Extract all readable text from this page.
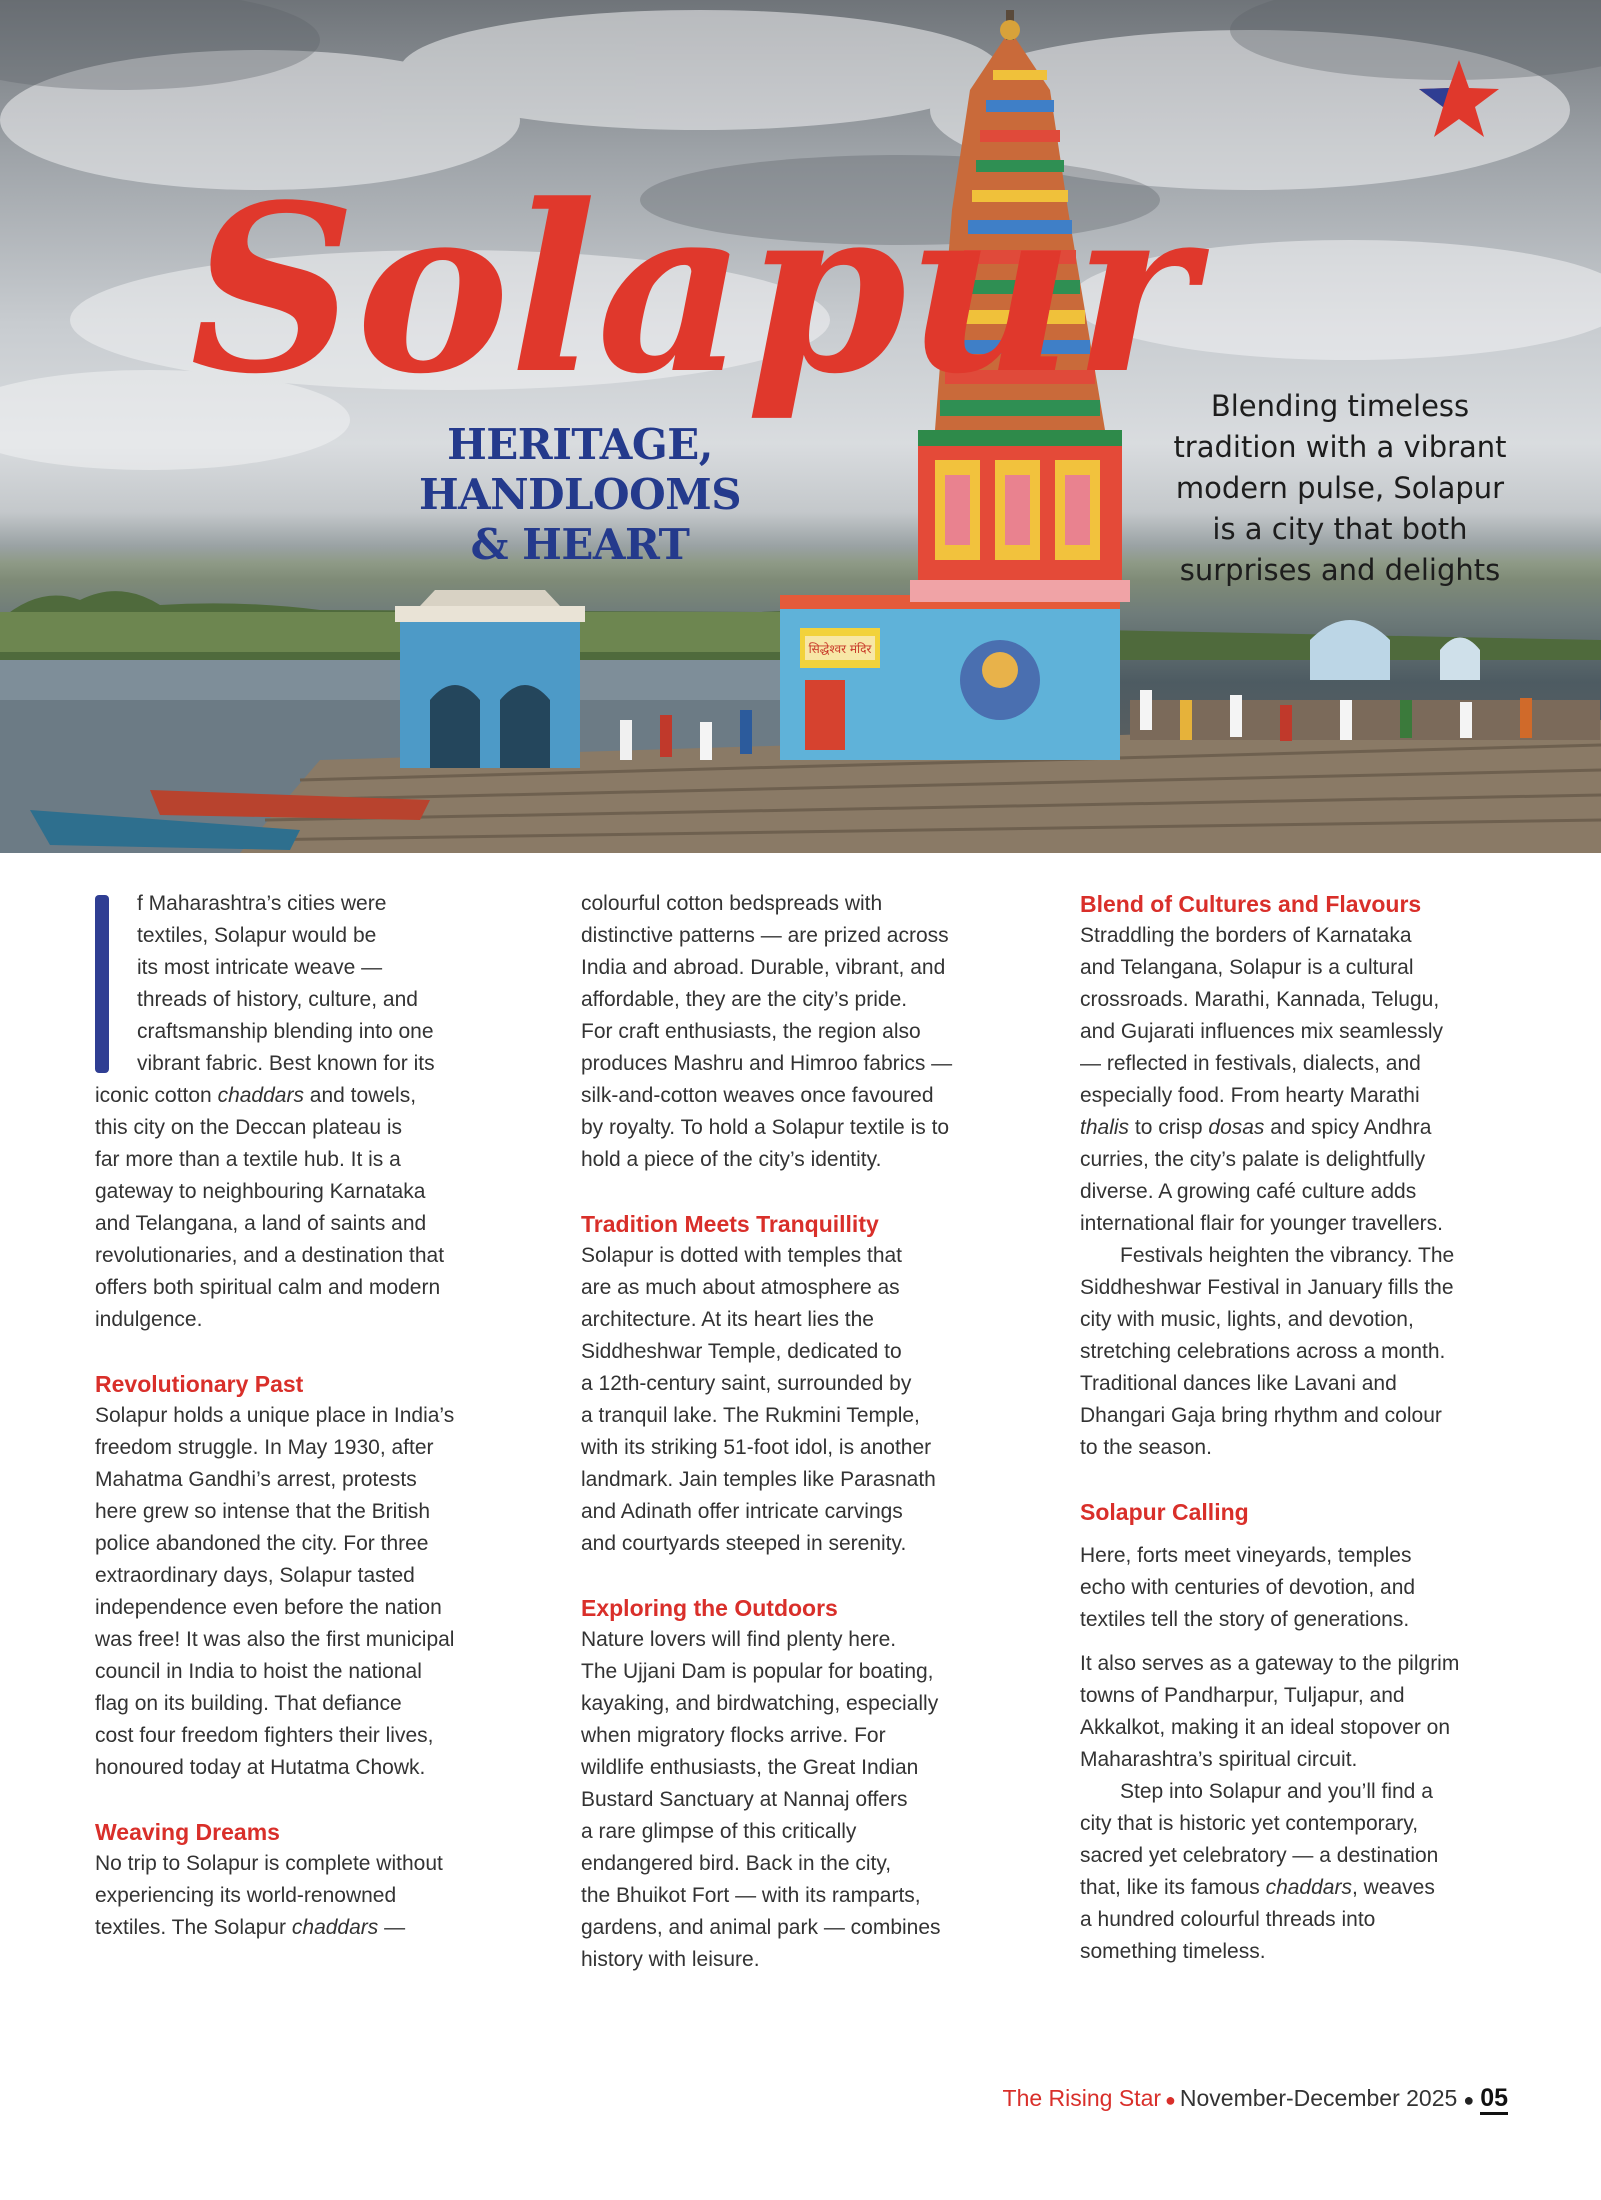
सिद्धेश्वर मंदिर
Solapur
HERITAGE,
HANDLOOMS
& HEART
Blending timeless
tradition with a vibrant
modern pulse, Solapur
is a city that both
surprises and delights
f Maharashtra’s cities were
textiles, Solapur would be
its most intricate weave —
threads of history, culture, and
craftsmanship blending into one
vibrant fabric. Best known for its
iconic cotton chaddars and towels,
this city on the Deccan plateau is
far more than a textile hub. It is a
gateway to neighbouring Karnataka
and Telangana, a land of saints and
revolutionaries, and a destination that
offers both spiritual calm and modern
indulgence.
Revolutionary Past
Solapur holds a unique place in India’s
freedom struggle. In May 1930, after
Mahatma Gandhi’s arrest, protests
here grew so intense that the British
police abandoned the city. For three
extraordinary days, Solapur tasted
independence even before the nation
was free! It was also the first municipal
council in India to hoist the national
flag on its building. That defiance
cost four freedom fighters their lives,
honoured today at Hutatma Chowk.
Weaving Dreams
No trip to Solapur is complete without
experiencing its world-renowned
textiles. The Solapur chaddars —
colourful cotton bedspreads with
distinctive patterns — are prized across
India and abroad. Durable, vibrant, and
affordable, they are the city’s pride.
For craft enthusiasts, the region also
produces Mashru and Himroo fabrics —
silk-and-cotton weaves once favoured
by royalty. To hold a Solapur textile is to
hold a piece of the city’s identity.
Tradition Meets Tranquillity
Solapur is dotted with temples that
are as much about atmosphere as
architecture. At its heart lies the
Siddheshwar Temple, dedicated to
a 12th-century saint, surrounded by
a tranquil lake. The Rukmini Temple,
with its striking 51-foot idol, is another
landmark. Jain temples like Parasnath
and Adinath offer intricate carvings
and courtyards steeped in serenity.
Exploring the Outdoors
Nature lovers will find plenty here.
The Ujjani Dam is popular for boating,
kayaking, and birdwatching, especially
when migratory flocks arrive. For
wildlife enthusiasts, the Great Indian
Bustard Sanctuary at Nannaj offers
a rare glimpse of this critically
endangered bird. Back in the city,
the Bhuikot Fort — with its ramparts,
gardens, and animal park — combines
history with leisure.
Blend of Cultures and Flavours
Straddling the borders of Karnataka
and Telangana, Solapur is a cultural
crossroads. Marathi, Kannada, Telugu,
and Gujarati influences mix seamlessly
— reflected in festivals, dialects, and
especially food. From hearty Marathi
thalis to crisp dosas and spicy Andhra
curries, the city’s palate is delightfully
diverse. A growing café culture adds
international flair for younger travellers.
Festivals heighten the vibrancy. The
Siddheshwar Festival in January fills the
city with music, lights, and devotion,
stretching celebrations across a month.
Traditional dances like Lavani and
Dhangari Gaja bring rhythm and colour
to the season.
Solapur Calling
Here, forts meet vineyards, temples
echo with centuries of devotion, and
textiles tell the story of generations.
It also serves as a gateway to the pilgrim
towns of Pandharpur, Tuljapur, and
Akkalkot, making it an ideal stopover on
Maharashtra’s spiritual circuit.
Step into Solapur and you’ll find a
city that is historic yet contemporary,
sacred yet celebratory — a destination
that, like its famous chaddars, weaves
a hundred colourful threads into
something timeless.
The Rising Star ● November-December 2025 ● 05
